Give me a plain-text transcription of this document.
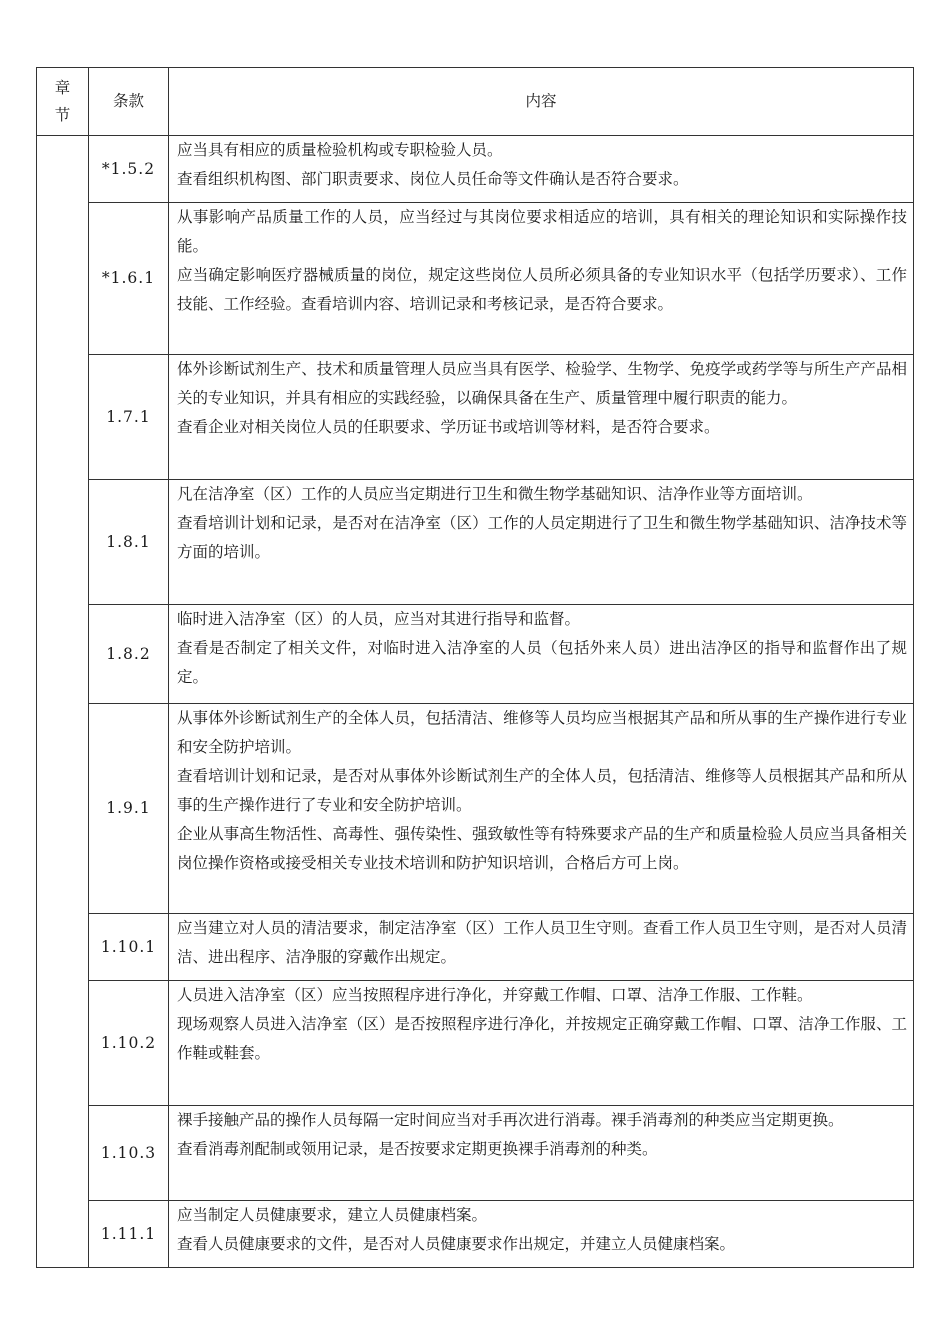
章节	条款	内容
	*1.5.2	应当具有相应的质量检验机构或专职检验人员。

查看组织机构图、部门职责要求、岗位人员任命等文件确认是否符合要求。

	*1.6.1	从事影响产品质量工作的人员，应当经过与其岗位要求相适应的培训，具有相关的理论知识和实际操作技能。

应当确定影响医疗器械质量的岗位，规定这些岗位人员所必须具备的专业知识水平（包括学历要求）、工作技能、工作经验。查看培训内容、培训记录和考核记录，是否符合要求。

	1.7.1	体外诊断试剂生产、技术和质量管理人员应当具有医学、检验学、生物学、免疫学或药学等与所生产产品相关的专业知识，并具有相应的实践经验，以确保具备在生产、质量管理中履行职责的能力。

查看企业对相关岗位人员的任职要求、学历证书或培训等材料，是否符合要求。

	1.8.1	凡在洁净室（区）工作的人员应当定期进行卫生和微生物学基础知识、洁净作业等方面培训。

查看培训计划和记录，是否对在洁净室（区）工作的人员定期进行了卫生和微生物学基础知识、洁净技术等方面的培训。

	1.8.2	临时进入洁净室（区）的人员，应当对其进行指导和监督。

查看是否制定了相关文件，对临时进入洁净室的人员（包括外来人员）进出洁净区的指导和监督作出了规定。

	1.9.1	从事体外诊断试剂生产的全体人员，包括清洁、维修等人员均应当根据其产品和所从事的生产操作进行专业和安全防护培训。

查看培训计划和记录，是否对从事体外诊断试剂生产的全体人员，包括清洁、维修等人员根据其产品和所从事的生产操作进行了专业和安全防护培训。

企业从事高生物活性、高毒性、强传染性、强致敏性等有特殊要求产品的生产和质量检验人员应当具备相关岗位操作资格或接受相关专业技术培训和防护知识培训，合格后方可上岗。

	1.10.1	应当建立对人员的清洁要求，制定洁净室（区）工作人员卫生守则。查看工作人员卫生守则，是否对人员清洁、进出程序、洁净服的穿戴作出规定。

	1.10.2	人员进入洁净室（区）应当按照程序进行净化，并穿戴工作帽、口罩、洁净工作服、工作鞋。

现场观察人员进入洁净室（区）是否按照程序进行净化，并按规定正确穿戴工作帽、口罩、洁净工作服、工作鞋或鞋套。

	1.10.3	裸手接触产品的操作人员每隔一定时间应当对手再次进行消毒。裸手消毒剂的种类应当定期更换。

查看消毒剂配制或领用记录，是否按要求定期更换裸手消毒剂的种类。

	1.11.1	应当制定人员健康要求，建立人员健康档案。

查看人员健康要求的文件，是否对人员健康要求作出规定，并建立人员健康档案。
